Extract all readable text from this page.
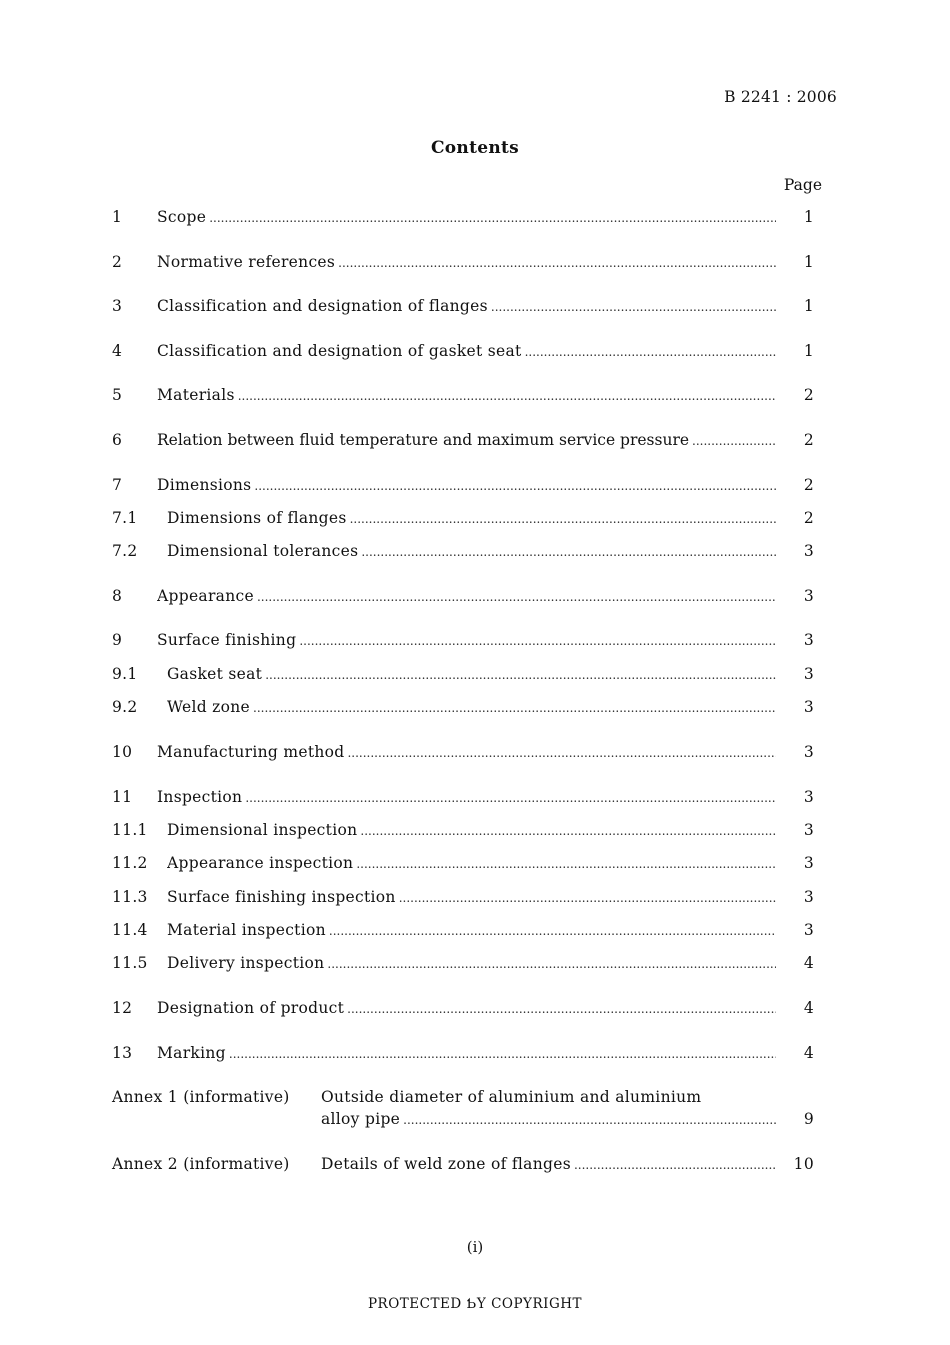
B 2241 : 2006
Contents
Page
1 Scope .....	1
2 Normative references .....	1
3 Classification and designation of flanges .....	1
4 Classification and designation of gasket seat .....	1
5 Materials .....	2
6 Relation between fluid temperature and maximum service pressure .....	2
7 Dimensions .....	2
7.1 Dimensions of flanges .....	2
7.2 Dimensional tolerances .....	3
8 Appearance .....	3
9 Surface finishing .....	3
9.1 Gasket seat .....	3
9.2 Weld zone .....	3
10 Manufacturing method .....	3
11 Inspection .....	3
11.1 Dimensional inspection .....	3
11.2 Appearance inspection .....	3
11.3 Surface finishing inspection .....	3
11.4 Material inspection .....	3
11.5 Delivery inspection .....	4
12 Designation of product .....	4
13 Marking .....	4
Annex 1 (informative) Outside diameter of aluminium and aluminium
alloy pipe .....	9
Annex 2 (informative) Details of weld zone of flanges .....	10
(i)
PROTECTED ƄY COPYRIGHT
